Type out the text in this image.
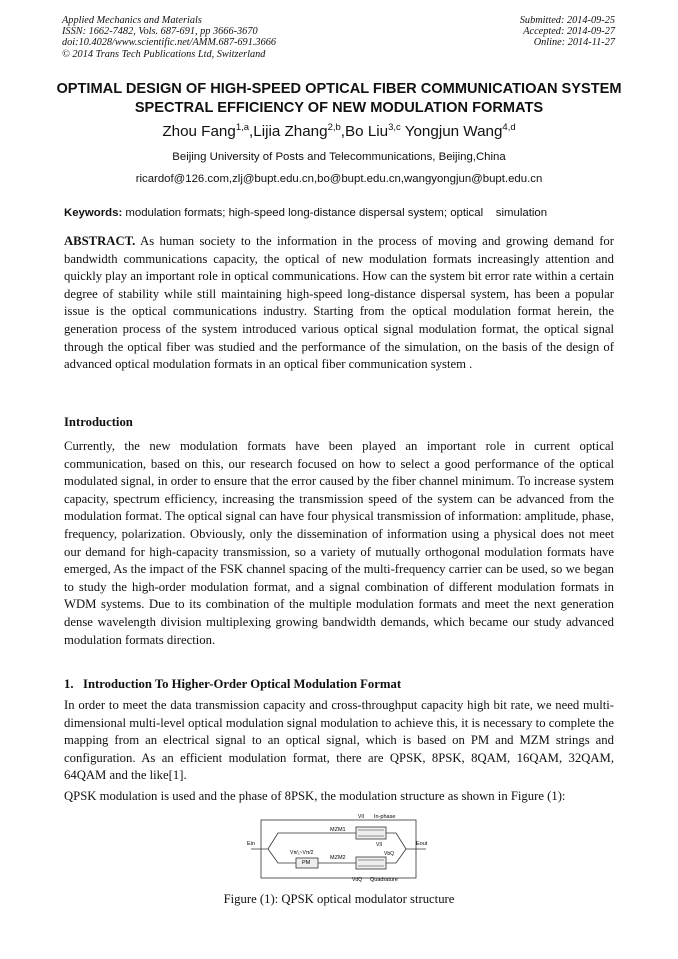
Applied Mechanics and Materials
ISSN: 1662-7482, Vols. 687-691, pp 3666-3670
doi:10.4028/www.scientific.net/AMM.687-691.3666
© 2014 Trans Tech Publications Ltd, Switzerland
Submitted: 2014-09-25
Accepted: 2014-09-27
Online: 2014-11-27
OPTIMAL DESIGN OF HIGH-SPEED OPTICAL FIBER COMMUNICATIOAN SYSTEM SPECTRAL EFFICIENCY OF NEW MODULATION FORMATS
Zhou Fang$^{1,a}$,Lijia Zhang$^{2,b}$,Bo Liu$^{3,c}$ Yongjun Wang$^{4,d}$
Beijing University of Posts and Telecommunications, Beijing,China
ricardof@126.com,zlj@bupt.edu.cn,bo@bupt.edu.cn,wangyongjun@bupt.edu.cn
Keywords: modulation formats; high-speed long-distance dispersal system; optical    simulation
ABSTRACT. As human society to the information in the process of moving and growing demand for bandwidth communications capacity, the optical of new modulation formats increasingly attention and quickly play an important role in optical communications. How can the system bit error rate within a certain degree of stability while still maintaining high-speed long-distance dispersal system, has been a popular issue is the optical communications industry. Starting from the optical modulation format herein, the generation process of the system introduced various optical signal modulation format, the optical signal through the optical fiber was studied and the performance of the simulation, on the basis of the design of advanced optical modulation formats in an optical fiber communication system .
Introduction
Currently, the new modulation formats have been played an important role in current optical communication, based on this, our research focused on how to select a good performance of the optical modulated signal, in order to ensure that the error caused by the fiber channel minimum. To increase system capacity, spectrum efficiency, increasing the transmission speed of the system can be advanced from the modulation format. The optical signal can have four physical transmission of information: amplitude, phase, frequency, polarization. Obviously, only the dissemination of information using a physical does not meet our demand for high-capacity transmission, so a variety of mutually orthogonal modulation formats have emerged, As the impact of the FSK channel spacing of the multi-frequency carrier can be used, so we began to study the high-order modulation format, and a signal combination of different modulation formats in WDM systems. Due to its combination of the multiple modulation formats and meet the next generation dense wavelength division multiplexing growing bandwidth demands, which became our study advanced modulation formats direction.
1.   Introduction To Higher-Order Optical Modulation Format
In order to meet the data transmission capacity and cross-throughput capacity high bit rate, we need multi-dimensional multi-level optical modulation signal modulation to achieve this, it is necessary to complete the mapping from an electrical signal to an optical signal, which is based on PM and MZM strings and configuration. As an efficient modulation format, there are QPSK, 8PSK, 8QAM, 16QAM, 32QAM, 64QAM and the like[1].
QPSK modulation is used and the phase of 8PSK, the modulation structure as shown in Figure (1):
VII In-phase
MZM1
VII
Ein	Eout
Vπ⁄₂~Vπ/2
PM
MZM2
VbQ
VdQ Quadrature
Figure (1): QPSK optical modulator structure
